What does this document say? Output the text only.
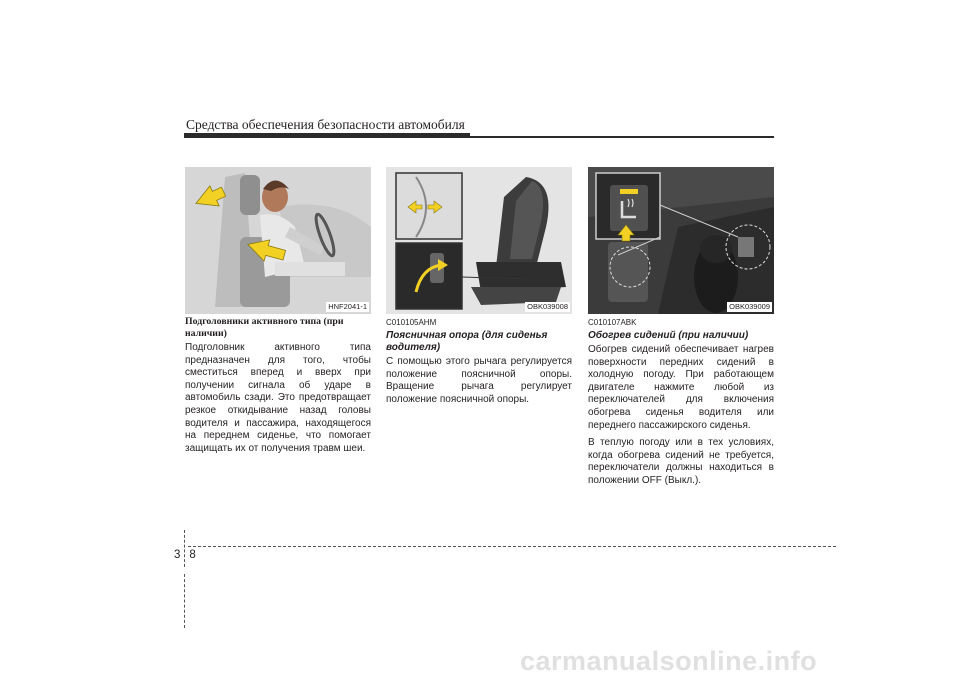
Средства обеспечения безопасности автомобиля
HNF2041-1
Подголовники активного типа (при наличии)
Подголовник активного типа предназначен для того, чтобы сместиться вперед и вверх при получении сигнала об ударе в автомобиль сзади. Это предотвращает резкое откидывание назад головы водителя и пассажира, находящегося на переднем сиденье, что помогает защищать их от получения травм шеи.
OBK039008
C010105AHM
Поясничная опора (для сиденья водителя)
С помощью этого рычага регулируется положение поясничной опоры. Вращение рычага регулирует положение поясничной опоры.
OBK039009
C010107ABK
Обогрев сидений (при наличии)
Обогрев сидений обеспечивает нагрев поверхности передних сидений в холодную погоду. При работающем двигателе нажмите любой из переключателей для включения обогрева сиденья водителя или переднего пассажирского сиденья.
В теплую погоду или в тех условиях, когда обогрева сидений не требуется, переключатели должны находиться в положении OFF (Выкл.).
38
carmanualsonline.info
